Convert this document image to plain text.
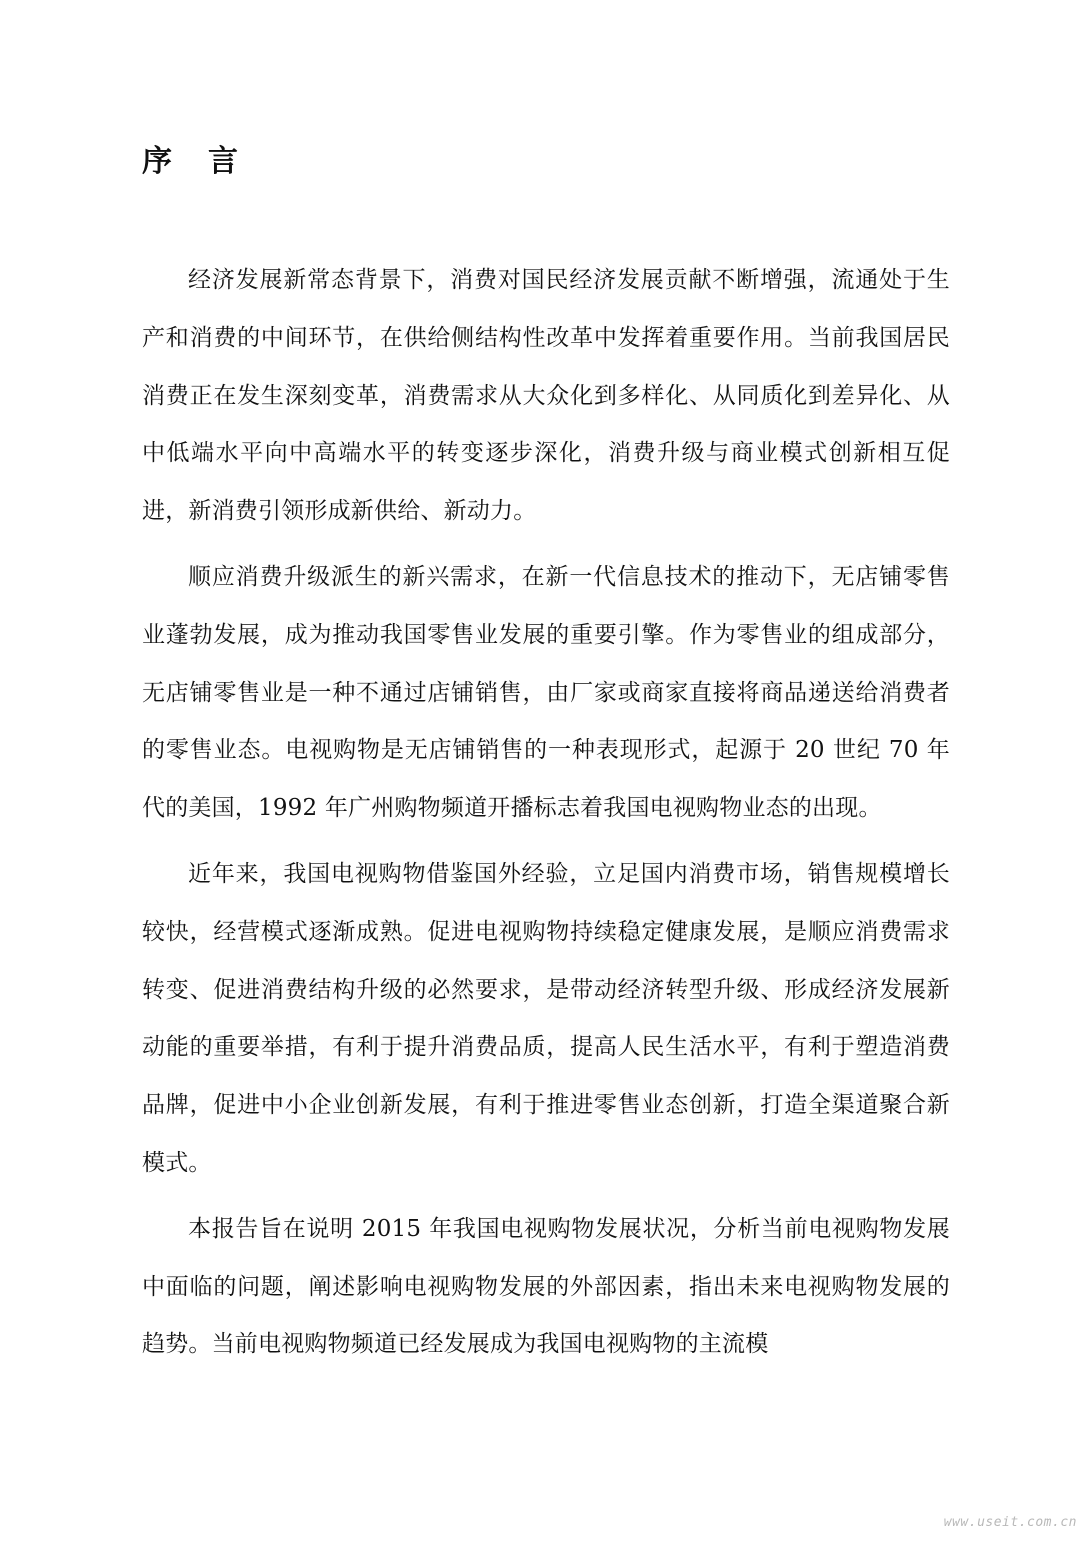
序言

经济发展新常态背景下，消费对国民经济发展贡献不断增强，流通处于生产和消费的中间环节，在供给侧结构性改革中发挥着重要作用。当前我国居民消费正在发生深刻变革，消费需求从大众化到多样化、从同质化到差异化、从中低端水平向中高端水平的转变逐步深化，消费升级与商业模式创新相互促进，新消费引领形成新供给、新动力。

顺应消费升级派生的新兴需求，在新一代信息技术的推动下，无店铺零售业蓬勃发展，成为推动我国零售业发展的重要引擎。作为零售业的组成部分，无店铺零售业是一种不通过店铺销售，由厂家或商家直接将商品递送给消费者的零售业态。电视购物是无店铺销售的一种表现形式，起源于 20 世纪 70 年代的美国，1992 年广州购物频道开播标志着我国电视购物业态的出现。

近年来，我国电视购物借鉴国外经验，立足国内消费市场，销售规模增长较快，经营模式逐渐成熟。促进电视购物持续稳定健康发展，是顺应消费需求转变、促进消费结构升级的必然要求，是带动经济转型升级、形成经济发展新动能的重要举措，有利于提升消费品质，提高人民生活水平，有利于塑造消费品牌，促进中小企业创新发展，有利于推进零售业态创新，打造全渠道聚合新模式。

本报告旨在说明 2015 年我国电视购物发展状况，分析当前电视购物发展中面临的问题，阐述影响电视购物发展的外部因素，指出未来电视购物发展的趋势。当前电视购物频道已经发展成为我国电视购物的主流模

www.useit.com.cn
